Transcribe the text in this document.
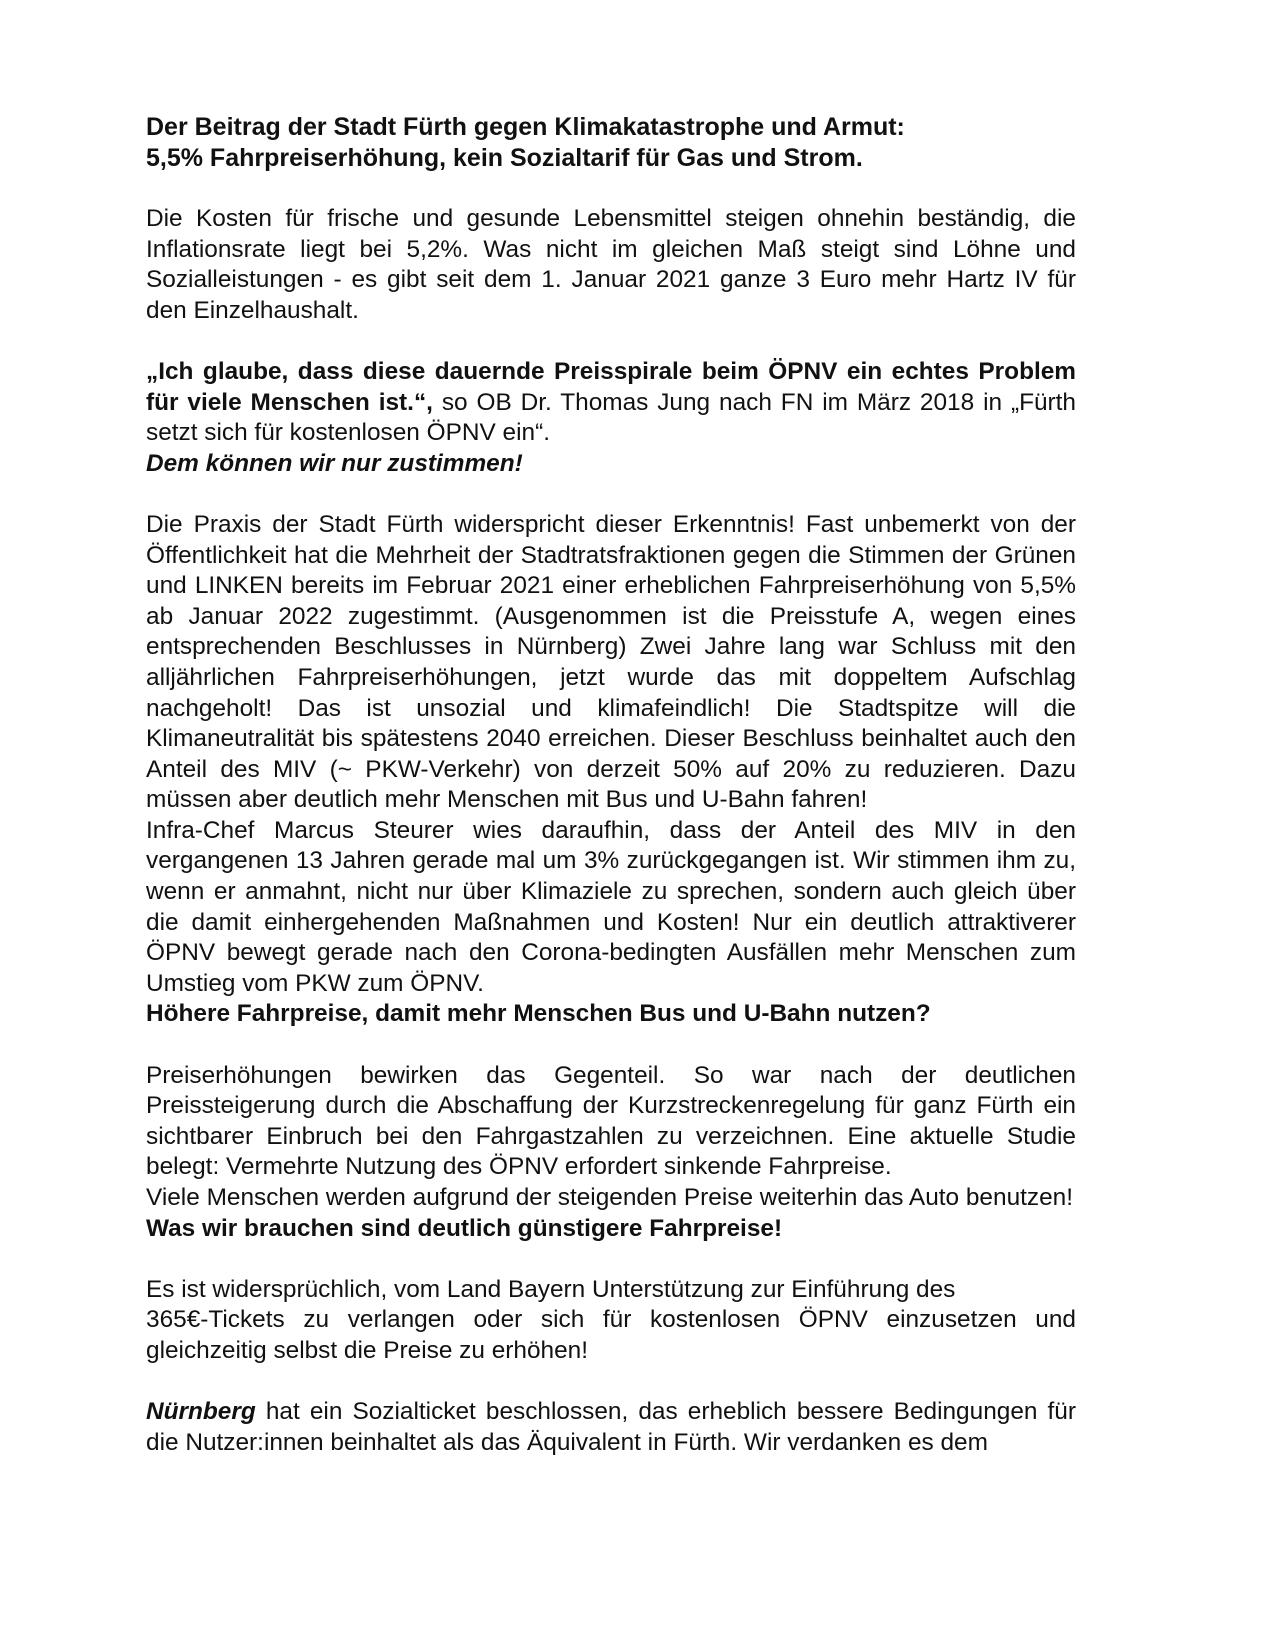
Der Beitrag der Stadt Fürth gegen Klimakatastrophe und Armut:
5,5% Fahrpreiserhöhung, kein Sozialtarif für Gas und Strom.

Die Kosten für frische und gesunde Lebensmittel steigen ohnehin beständig, die Inflationsrate liegt bei 5,2%. Was nicht im gleichen Maß steigt sind Löhne und Sozialleistungen - es gibt seit dem 1. Januar 2021 ganze 3 Euro mehr Hartz IV für den Einzelhaushalt.

„Ich glaube, dass diese dauernde Preisspirale beim ÖPNV ein echtes Problem für viele Menschen ist.“, so OB Dr. Thomas Jung nach FN im März 2018 in „Fürth setzt sich für kostenlosen ÖPNV ein“.
Dem können wir nur zustimmen!
Die Praxis der Stadt Fürth widerspricht dieser Erkenntnis! Fast unbemerkt von der Öffentlichkeit hat die Mehrheit der Stadtratsfraktionen gegen die Stimmen der Grünen und LINKEN bereits im Februar 2021 einer erheblichen Fahrpreiserhöhung von 5,5% ab Januar 2022 zugestimmt. (Ausgenommen ist die Preisstufe A, wegen eines entsprechenden Beschlusses in Nürnberg) Zwei Jahre lang war Schluss mit den alljährlichen Fahrpreiserhöhungen, jetzt wurde das mit doppeltem Aufschlag nachgeholt! Das ist unsozial und klimafeindlich! Die Stadtspitze will die Klimaneutralität bis spätestens 2040 erreichen. Dieser Beschluss beinhaltet auch den Anteil des MIV (~ PKW-Verkehr) von derzeit 50% auf 20% zu reduzieren. Dazu müssen aber deutlich mehr Menschen mit Bus und U-Bahn fahren!
Infra-Chef Marcus Steurer wies daraufhin, dass der Anteil des MIV in den vergangenen 13 Jahren gerade mal um 3% zurückgegangen ist. Wir stimmen ihm zu, wenn er anmahnt, nicht nur über Klimaziele zu sprechen, sondern auch gleich über die damit einhergehenden Maßnahmen und Kosten! Nur ein deutlich attraktiverer ÖPNV bewegt gerade nach den Corona-bedingten Ausfällen mehr Menschen zum Umstieg vom PKW zum ÖPNV.
Höhere Fahrpreise, damit mehr Menschen Bus und U-Bahn nutzen?
Preiserhöhungen bewirken das Gegenteil. So war nach der deutlichen Preissteigerung durch die Abschaffung der Kurzstreckenregelung für ganz Fürth ein sichtbarer Einbruch bei den Fahrgastzahlen zu verzeichnen. Eine aktuelle Studie belegt: Vermehrte Nutzung des ÖPNV erfordert sinkende Fahrpreise.
Viele Menschen werden aufgrund der steigenden Preise weiterhin das Auto benutzen!
Was wir brauchen sind deutlich günstigere Fahrpreise!
Es ist widersprüchlich, vom Land Bayern Unterstützung zur Einführung des
365€-Tickets zu verlangen oder sich für kostenlosen ÖPNV einzusetzen und gleichzeitig selbst die Preise zu erhöhen!
Nürnberg hat ein Sozialticket beschlossen, das erheblich bessere Bedingungen für die Nutzer:innen beinhaltet als das Äquivalent in Fürth. Wir verdanken es dem
